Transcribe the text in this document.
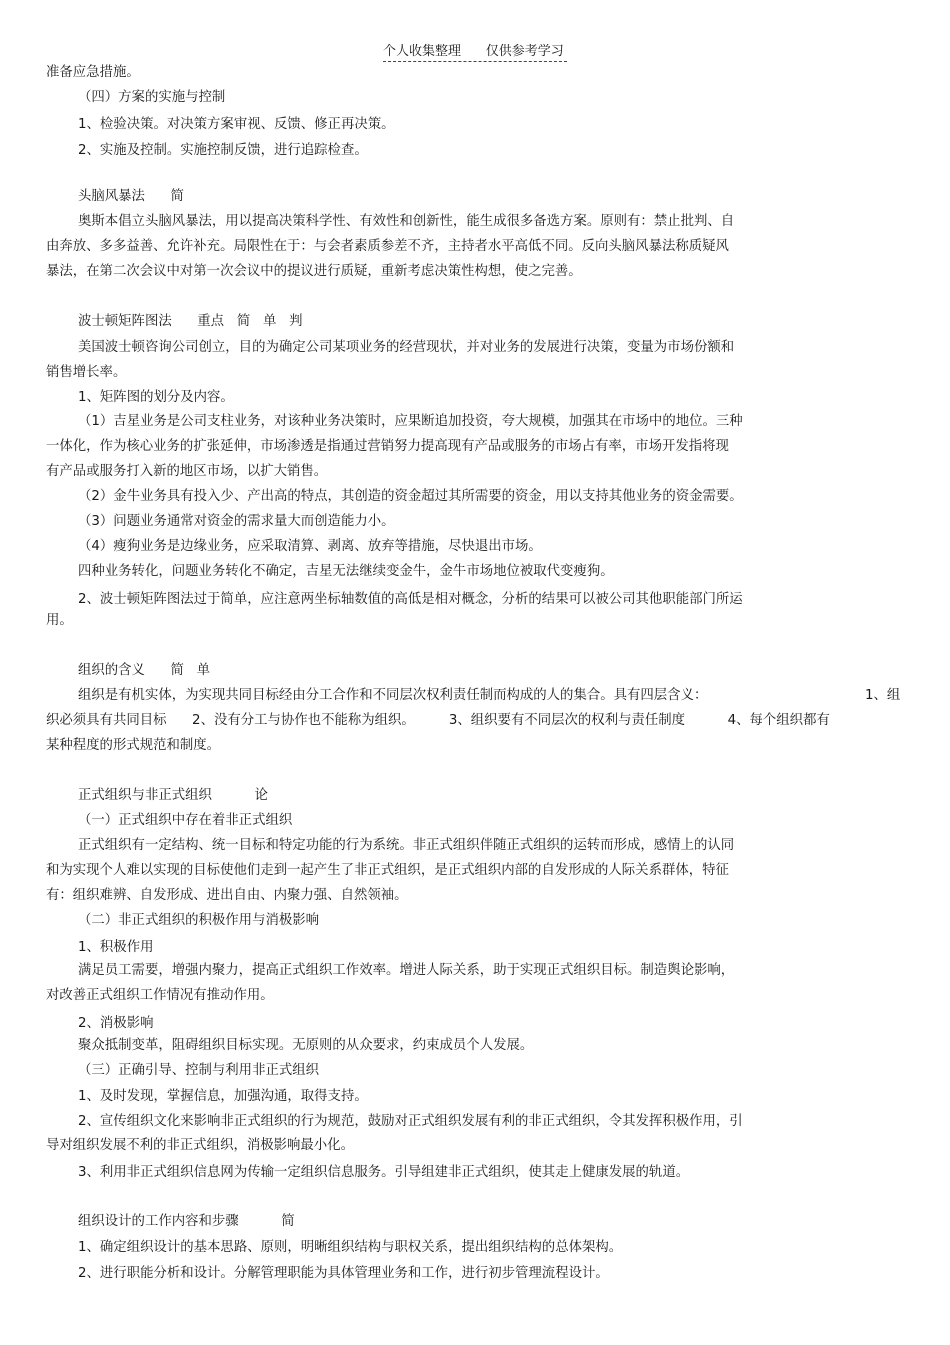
个人收集整理      仅供参考学习
准备应急措施。
（四）方案的实施与控制
1、检验决策。对决策方案审视、反馈、修正再决策。
2、实施及控制。实施控制反馈，进行追踪检查。
头脑风暴法      简
奥斯本倡立头脑风暴法，用以提高决策科学性、有效性和创新性，能生成很多备选方案。原则有：禁止批判、自
由奔放、多多益善、允许补充。局限性在于：与会者素质参差不齐，主持者水平高低不同。反向头脑风暴法称质疑风
暴法，在第二次会议中对第一次会议中的提议进行质疑，重新考虑决策性构想，使之完善。
波士顿矩阵图法      重点   简   单   判
美国波士顿咨询公司创立，目的为确定公司某项业务的经营现状，并对业务的发展进行决策，变量为市场份额和
销售增长率。
1、矩阵图的划分及内容。
（1）吉星业务是公司支柱业务，对该种业务决策时，应果断追加投资，夸大规模，加强其在市场中的地位。三种
一体化，作为核心业务的扩张延伸，市场渗透是指通过营销努力提高现有产品或服务的市场占有率，市场开发指将现
有产品或服务打入新的地区市场，以扩大销售。
（2）金牛业务具有投入少、产出高的特点，其创造的资金超过其所需要的资金，用以支持其他业务的资金需要。
（3）问题业务通常对资金的需求量大而创造能力小。
（4）瘦狗业务是边缘业务，应采取清算、剥离、放弃等措施，尽快退出市场。
四种业务转化，问题业务转化不确定，吉星无法继续变金牛，金牛市场地位被取代变瘦狗。
2、波士顿矩阵图法过于简单，应注意两坐标轴数值的高低是相对概念，分析的结果可以被公司其他职能部门所运
用。
组织的含义      简   单
组织是有机实体，为实现共同目标经由分工合作和不同层次权利责任制而构成的人的集合。具有四层含义：	1、组
织必须具有共同目标      2、没有分工与协作也不能称为组织。        3、组织要有不同层次的权利与责任制度          4、每个组织都有
某种程度的形式规范和制度。
正式组织与非正式组织          论
（一）正式组织中存在着非正式组织
正式组织有一定结构、统一目标和特定功能的行为系统。非正式组织伴随正式组织的运转而形成，感情上的认同
和为实现个人难以实现的目标使他们走到一起产生了非正式组织，是正式组织内部的自发形成的人际关系群体，特征
有：组织难辨、自发形成、进出自由、内聚力强、自然领袖。
（二）非正式组织的积极作用与消极影响
1、积极作用
满足员工需要，增强内聚力，提高正式组织工作效率。增进人际关系，助于实现正式组织目标。制造舆论影响，
对改善正式组织工作情况有推动作用。
2、消极影响
聚众抵制变革，阻碍组织目标实现。无原则的从众要求，约束成员个人发展。
（三）正确引导、控制与利用非正式组织
1、及时发现，掌握信息，加强沟通，取得支持。
2、宣传组织文化来影响非正式组织的行为规范，鼓励对正式组织发展有利的非正式组织，令其发挥积极作用，引
导对组织发展不利的非正式组织，消极影响最小化。
3、利用非正式组织信息网为传输一定组织信息服务。引导组建非正式组织，使其走上健康发展的轨道。
组织设计的工作内容和步骤          简
1、确定组织设计的基本思路、原则，明晰组织结构与职权关系，提出组织结构的总体架构。
2、进行职能分析和设计。分解管理职能为具体管理业务和工作，进行初步管理流程设计。
